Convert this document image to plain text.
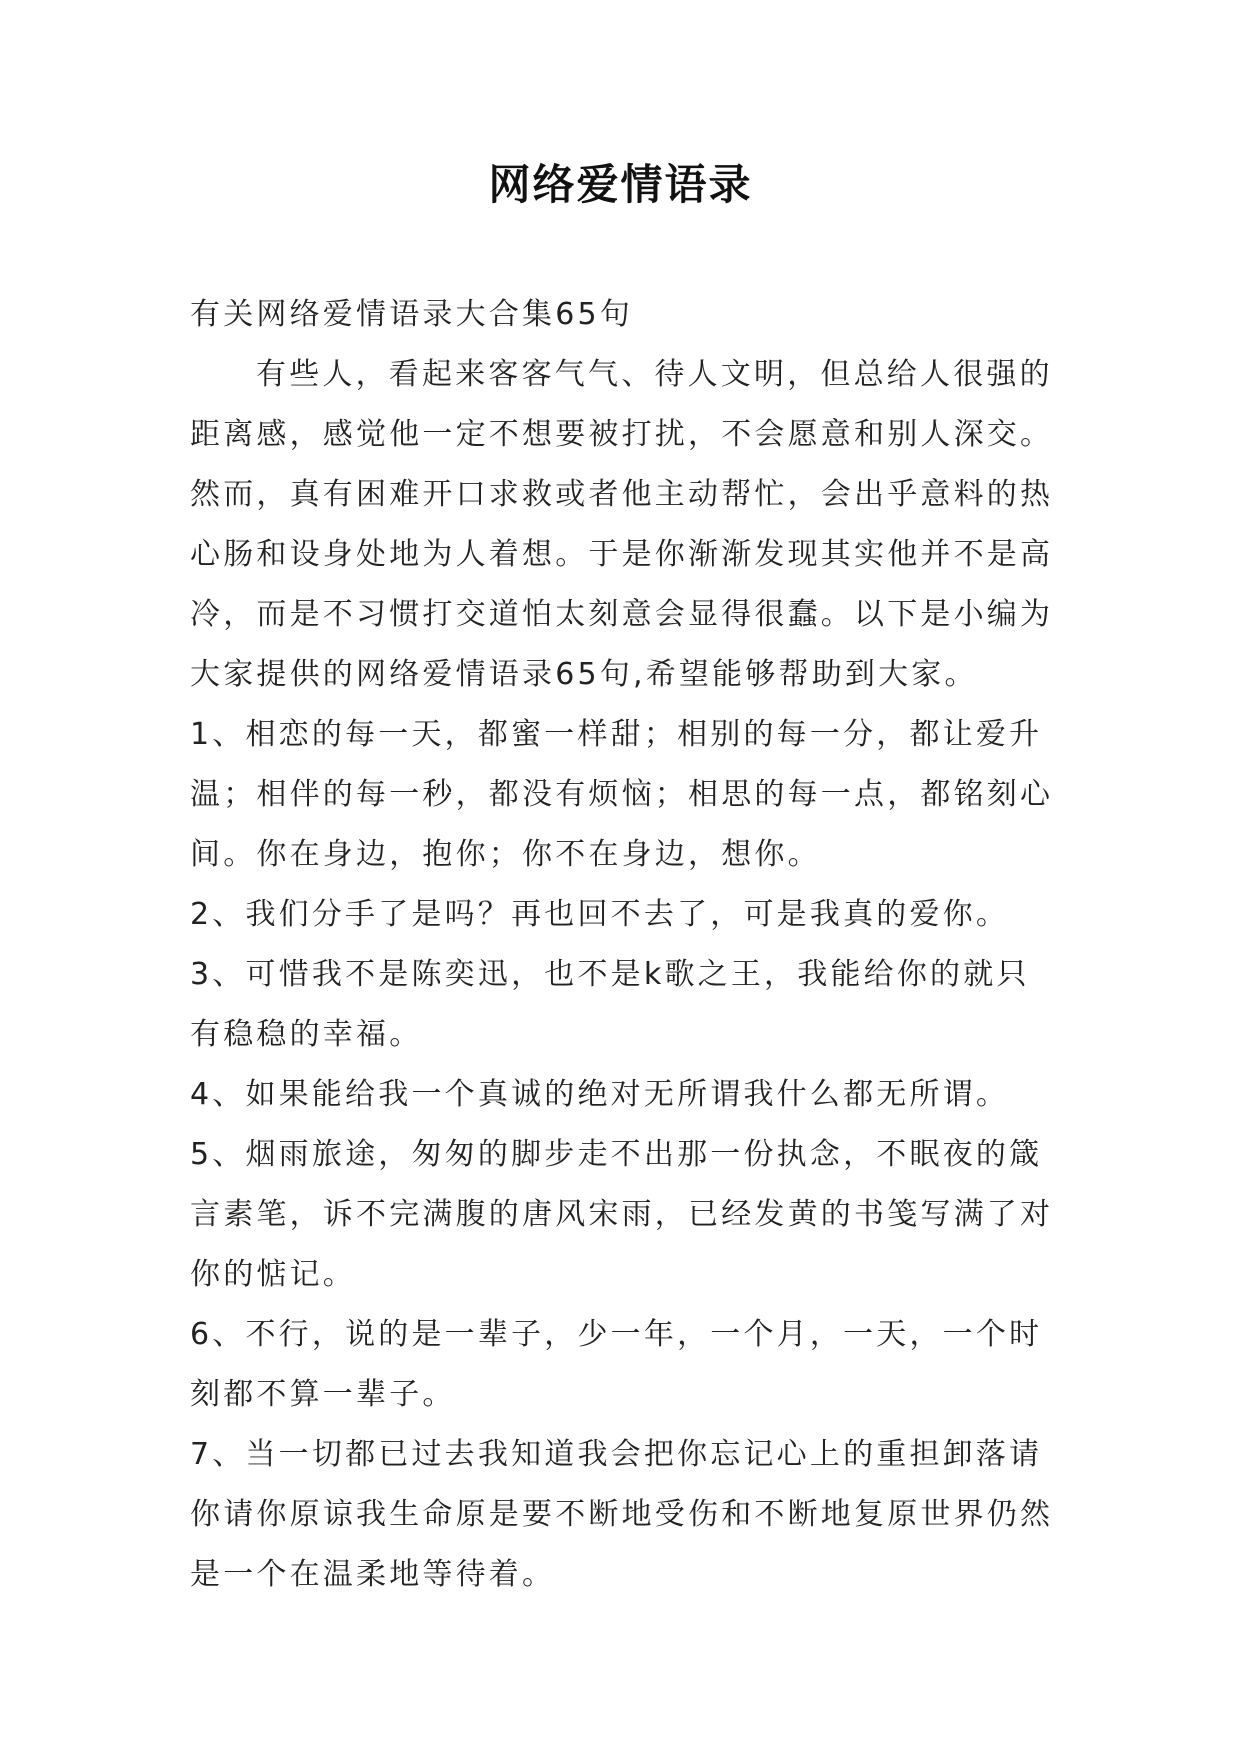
网络爱情语录

有关网络爱情语录大合集65句

有些人，看起来客客气气、待人文明，但总给人很强的距离感，感觉他一定不想要被打扰，不会愿意和别人深交。然而，真有困难开口求救或者他主动帮忙，会出乎意料的热心肠和设身处地为人着想。于是你渐渐发现其实他并不是高冷，而是不习惯打交道怕太刻意会显得很蠢。以下是小编为大家提供的网络爱情语录65句,希望能够帮助到大家。

1、相恋的每一天，都蜜一样甜；相别的每一分，都让爱升温；相伴的每一秒，都没有烦恼；相思的每一点，都铭刻心间。你在身边，抱你；你不在身边，想你。

2、我们分手了是吗？再也回不去了，可是我真的爱你。

3、可惜我不是陈奕迅，也不是k歌之王，我能给你的就只有稳稳的幸福。

4、如果能给我一个真诚的绝对无所谓我什么都无所谓。

5、烟雨旅途，匆匆的脚步走不出那一份执念，不眠夜的箴言素笔，诉不完满腹的唐风宋雨，已经发黄的书笺写满了对你的惦记。

6、不行，说的是一辈子，少一年，一个月，一天，一个时刻都不算一辈子。

7、当一切都已过去我知道我会把你忘记心上的重担卸落请你请你原谅我生命原是要不断地受伤和不断地复原世界仍然是一个在温柔地等待着。
